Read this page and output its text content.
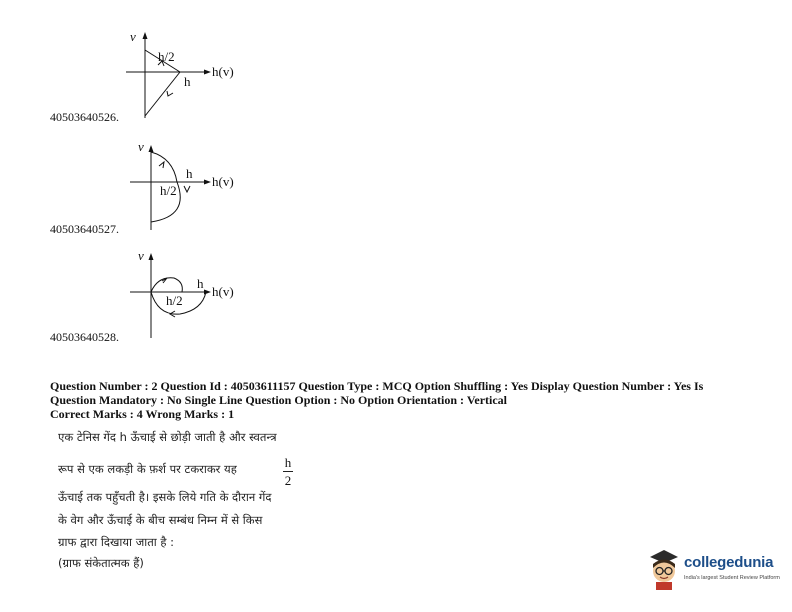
v
h/2
h
h(v)
40503640526.
v
h
h/2
h(v)
40503640527.
v
h
h/2
h(v)
40503640528.
Question Number : 2 Question Id : 40503611157 Question Type : MCQ Option Shuffling : Yes Display Question Number : Yes Is
Question Mandatory : No Single Line Question Option : No Option Orientation : Vertical
Correct Marks : 4 Wrong Marks : 1
एक टेनिस गेंद h ऊँचाई से छोड़ी जाती है और स्वतन्त्र
रूप से एक लकड़ी के फ़र्श पर टकराकर यह	h
2
ऊँचाई तक पहुँचती है। इसके लिये गति के दौरान गेंद
के वेग और ऊँचाई के बीच सम्बंध निम्न में से किस
ग्राफ द्वारा दिखाया जाता है :
(ग्राफ संकेतात्मक हैं)	collegedunia
India's largest Student Review Platform
